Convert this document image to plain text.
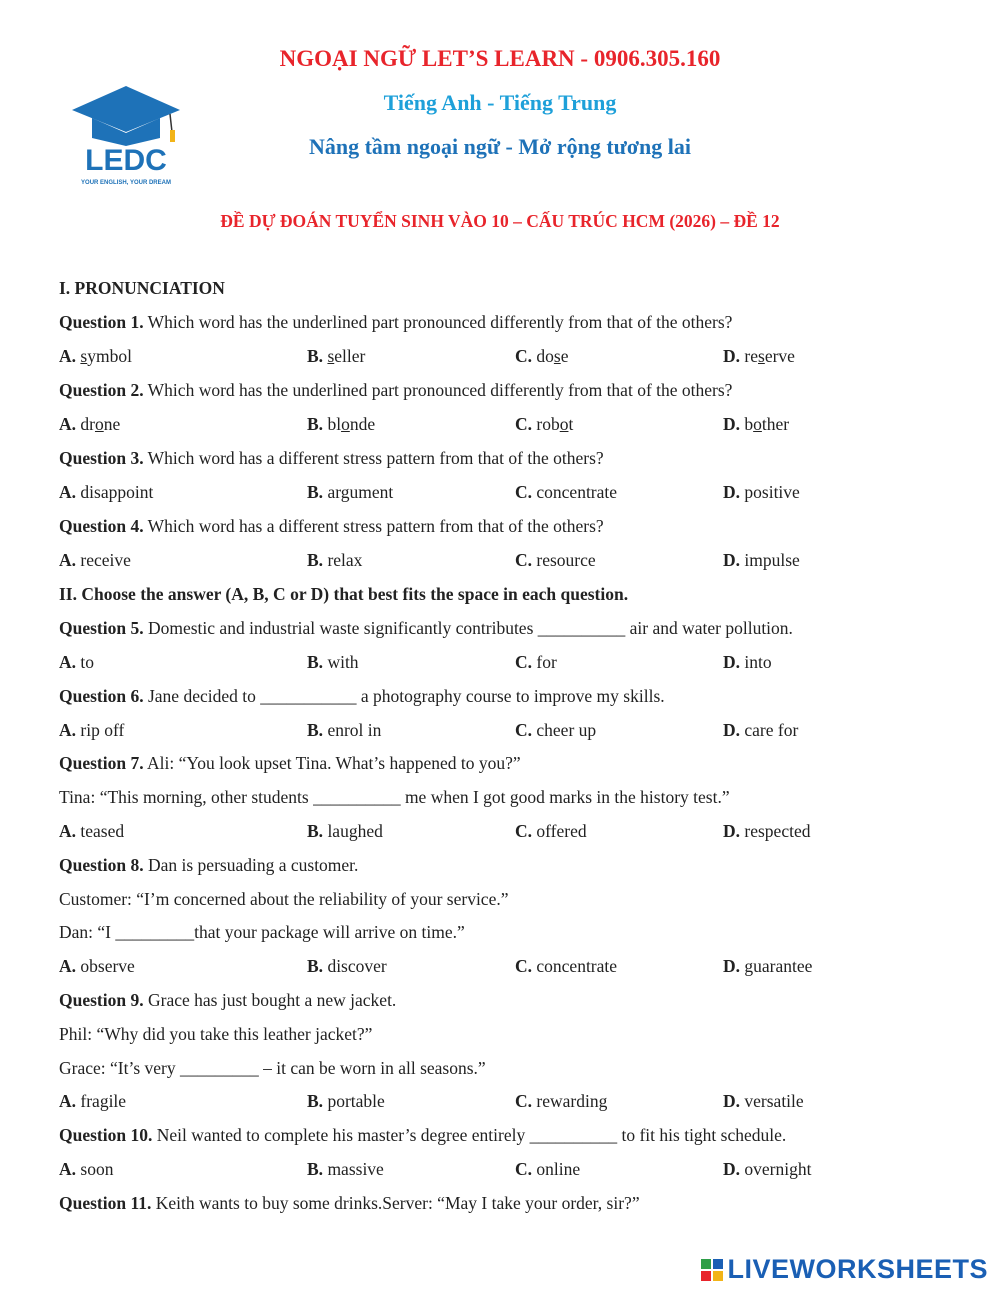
LEDC
YOUR ENGLISH, YOUR DREAM
NGOẠI NGỮ LET’S LEARN - 0906.305.160
Tiếng Anh - Tiếng Trung
Nâng tầm ngoại ngữ - Mở rộng tương lai
ĐỀ DỰ ĐOÁN TUYỂN SINH VÀO 10 – CẤU TRÚC HCM (2026) – ĐỀ 12
I. PRONUNCIATION
Question 1. Which word has the underlined part pronounced differently from that of the others?
A. symbol	B. seller	C. dose	D. reserve
Question 2. Which word has the underlined part pronounced differently from that of the others?
A. drone	B. blonde	C. robot	D. bother
Question 3. Which word has a different stress pattern from that of the others?
A. disappoint	B. argument	C. concentrate	D. positive
Question 4. Which word has a different stress pattern from that of the others?
A. receive	B. relax	C. resource	D. impulse
II. Choose the answer (A, B, C or D) that best fits the space in each question.
Question 5. Domestic and industrial waste significantly contributes __________ air and water pollution.
A. to	B. with	C. for	D. into
Question 6. Jane decided to ___________ a photography course to improve my skills.
A. rip off	B. enrol in	C. cheer up	D. care for
Question 7. Ali: “You look upset Tina. What’s happened to you?”
Tina: “This morning, other students __________ me when I got good marks in the history test.”
A. teased	B. laughed	C. offered	D. respected
Question 8. Dan is persuading a customer.
Customer: “I’m concerned about the reliability of your service.”
Dan: “I _________that your package will arrive on time.”
A. observe	B. discover	C. concentrate	D. guarantee
Question 9. Grace has just bought a new jacket.
Phil: “Why did you take this leather jacket?”
Grace: “It’s very _________ – it can be worn in all seasons.”
A. fragile	B. portable	C. rewarding	D. versatile
Question 10. Neil wanted to complete his master’s degree entirely __________ to fit his tight schedule.
A. soon	B. massive	C. online	D. overnight
Question 11. Keith wants to buy some drinks.Server: “May I take your order, sir?”
LIVEWORKSHEETS
